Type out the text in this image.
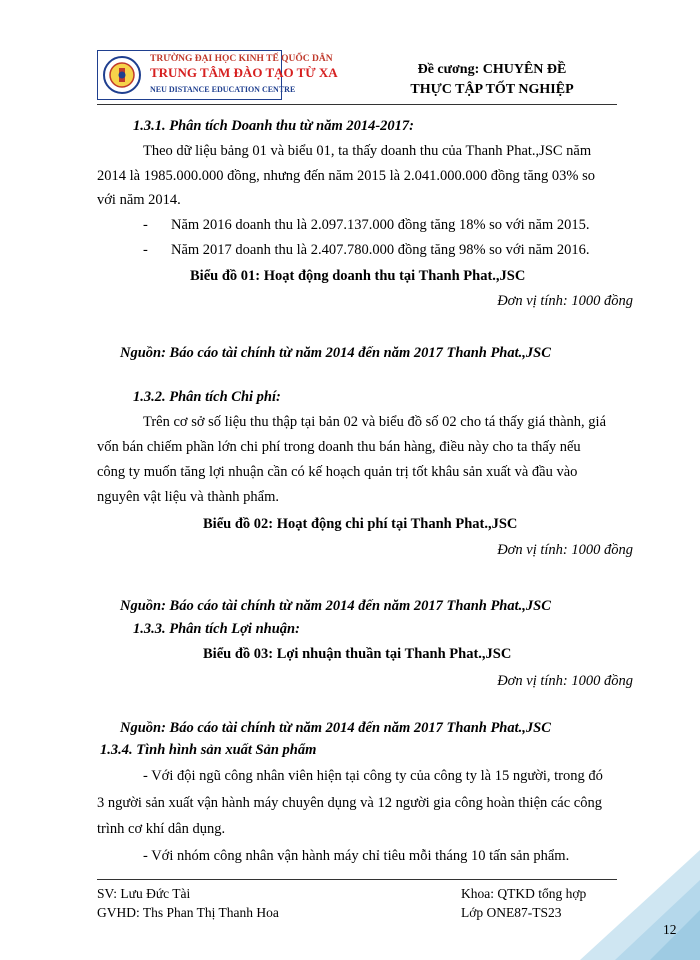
TRƯỜNG ĐẠI HỌC KINH TẾ QUỐC DÂN
TRUNG TÂM ĐÀO TẠO TỪ XA
NEU DISTANCE EDUCATION CENTRE
Đề cương: CHUYÊN ĐỀ
THỰC TẬP TỐT NGHIỆP
1.3.1. Phân tích Doanh thu từ năm 2014-2017:
Theo dữ liệu bảng 01 và biểu 01, ta thấy doanh thu của Thanh Phat.,JSC năm
2014 là 1985.000.000 đồng, nhưng đến năm 2015 là 2.041.000.000 đồng tăng 03% so
với năm 2014.
- Năm 2016 doanh thu là 2.097.137.000 đồng tăng 18% so với năm 2015.
- Năm 2017 doanh thu là 2.407.780.000 đồng tăng 98% so với năm 2016.
Biểu đồ 01: Hoạt động doanh thu tại Thanh Phat.,JSC
Đơn vị tính: 1000 đồng
Nguồn: Báo cáo tài chính từ năm 2014 đến năm 2017 Thanh Phat.,JSC
1.3.2. Phân tích Chi phí:
Trên cơ sở số liệu thu thập tại bản 02 và biểu đồ số 02 cho tá thấy giá thành, giá
vốn bán chiếm phần lớn chi phí trong doanh thu bán hàng, điều này cho ta thấy nếu
công ty muốn tăng lợi nhuận cần có kế hoạch quản trị tốt khâu sản xuất và đầu vào
nguyên vật liệu và thành phẩm.
Biểu đồ 02: Hoạt động chi phí tại Thanh Phat.,JSC
Đơn vị tính: 1000 đồng
Nguồn: Báo cáo tài chính từ năm 2014 đến năm 2017 Thanh Phat.,JSC
1.3.3. Phân tích Lợi nhuận:
Biểu đồ 03: Lợi nhuận thuần tại Thanh Phat.,JSC
Đơn vị tính: 1000 đồng
Nguồn: Báo cáo tài chính từ năm 2014 đến năm 2017 Thanh Phat.,JSC
1.3.4. Tình hình sản xuất Sản phẩm
- Với đội ngũ công nhân viên hiện tại công ty của công ty là 15 người, trong đó
3 người sản xuất vận hành máy chuyên dụng và 12 người gia công hoàn thiện các công
trình cơ khí dân dụng.
- Với nhóm công nhân vận hành máy chỉ tiêu mỗi tháng 10 tấn sản phẩm.
SV: Lưu Đức Tài
GVHD: Ths Phan Thị Thanh Hoa
Khoa: QTKD tổng hợp
Lớp ONE87-TS23
12
